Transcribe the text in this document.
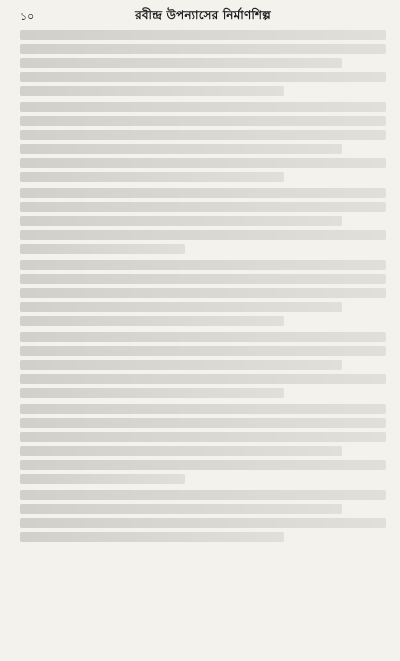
১০	রবীন্দ্র উপন্যাসের নির্মাণশিল্প
